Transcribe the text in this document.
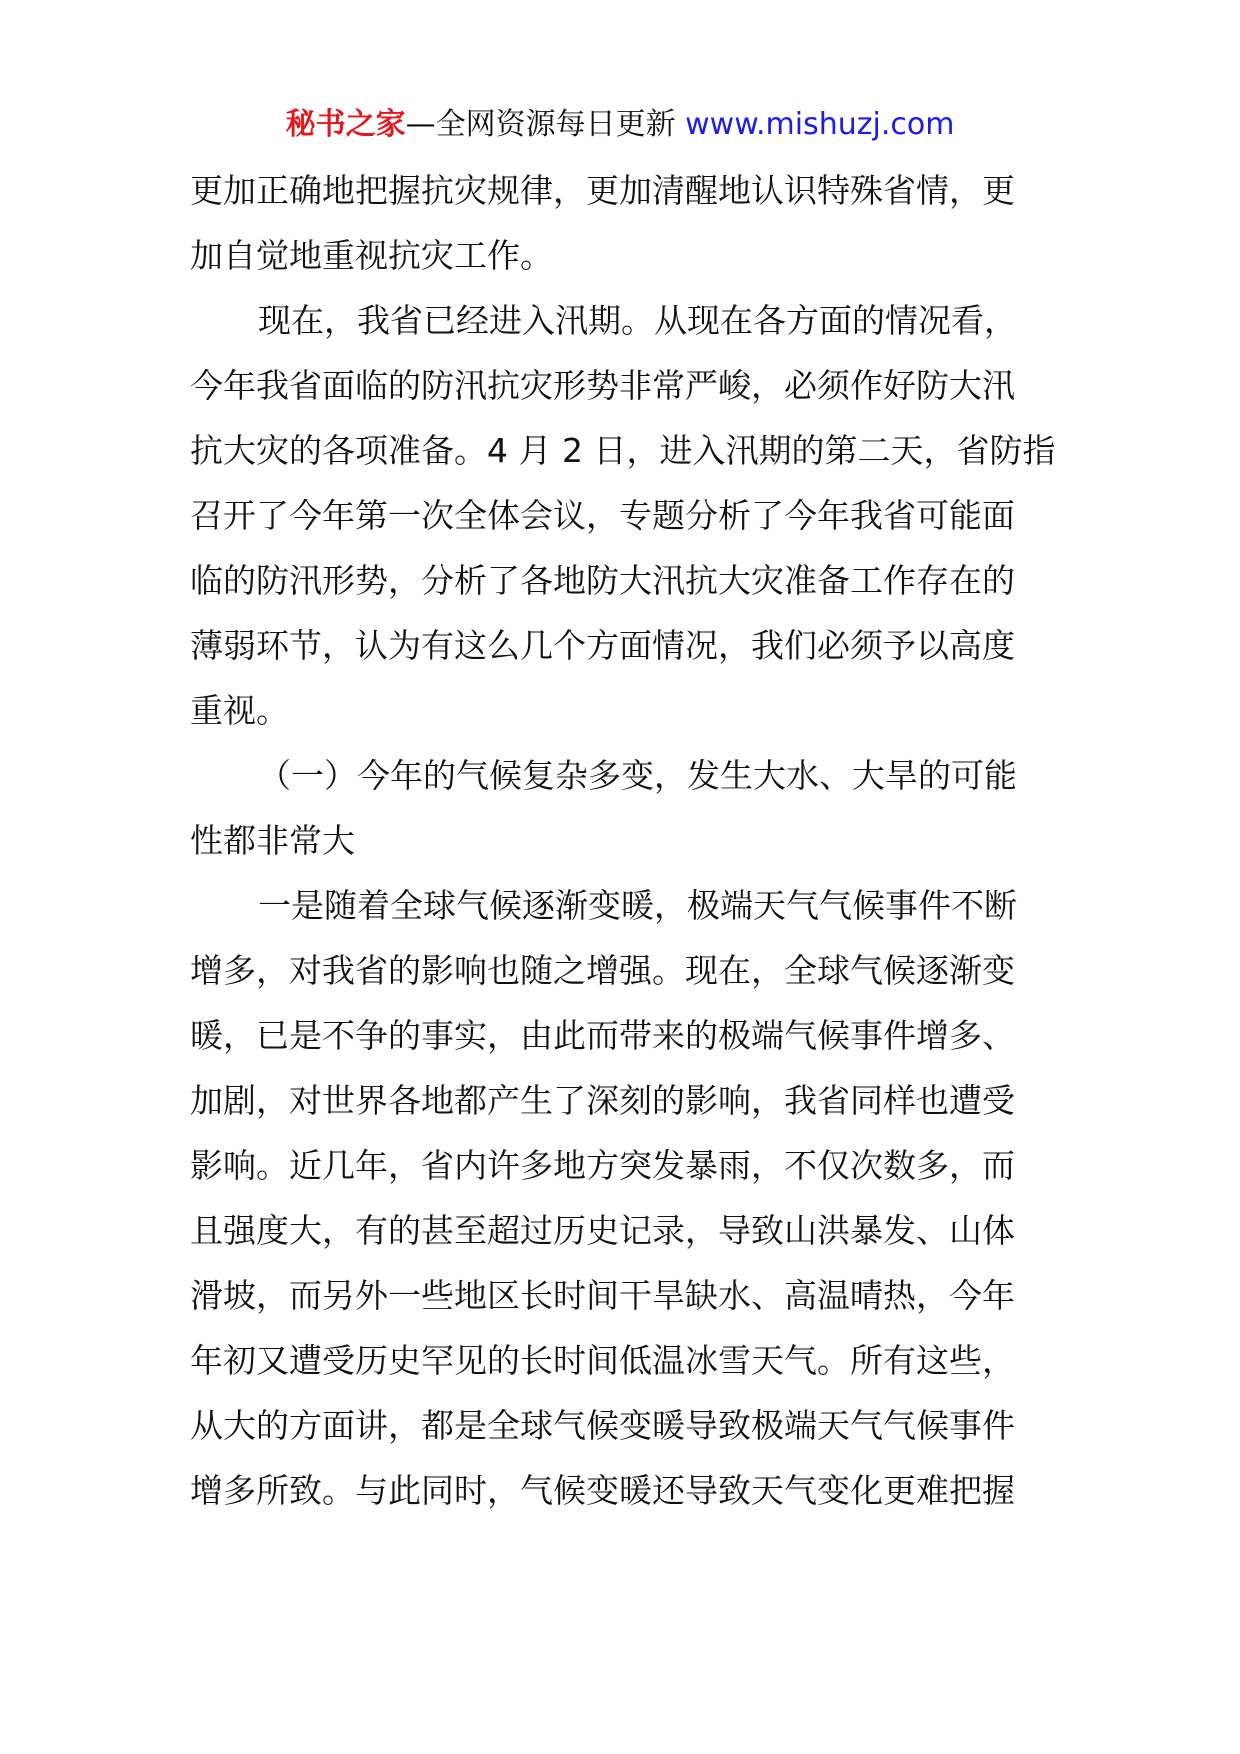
秘书之家—全网资源每日更新 www.mishuzj.com
更加正确地把握抗灾规律，更加清醒地认识特殊省情，更
加自觉地重视抗灾工作。
现在，我省已经进入汛期。从现在各方面的情况看，
今年我省面临的防汛抗灾形势非常严峻，必须作好防大汛
抗大灾的各项准备。4 月 2 日，进入汛期的第二天，省防指
召开了今年第一次全体会议，专题分析了今年我省可能面
临的防汛形势，分析了各地防大汛抗大灾准备工作存在的
薄弱环节，认为有这么几个方面情况，我们必须予以高度
重视。
（一）今年的气候复杂多变，发生大水、大旱的可能
性都非常大
一是随着全球气候逐渐变暖，极端天气气候事件不断
增多，对我省的影响也随之增强。现在，全球气候逐渐变
暖，已是不争的事实，由此而带来的极端气候事件增多、
加剧，对世界各地都产生了深刻的影响，我省同样也遭受
影响。近几年，省内许多地方突发暴雨，不仅次数多，而
且强度大，有的甚至超过历史记录，导致山洪暴发、山体
滑坡，而另外一些地区长时间干旱缺水、高温晴热，今年
年初又遭受历史罕见的长时间低温冰雪天气。所有这些，
从大的方面讲，都是全球气候变暖导致极端天气气候事件
增多所致。与此同时，气候变暖还导致天气变化更难把握
